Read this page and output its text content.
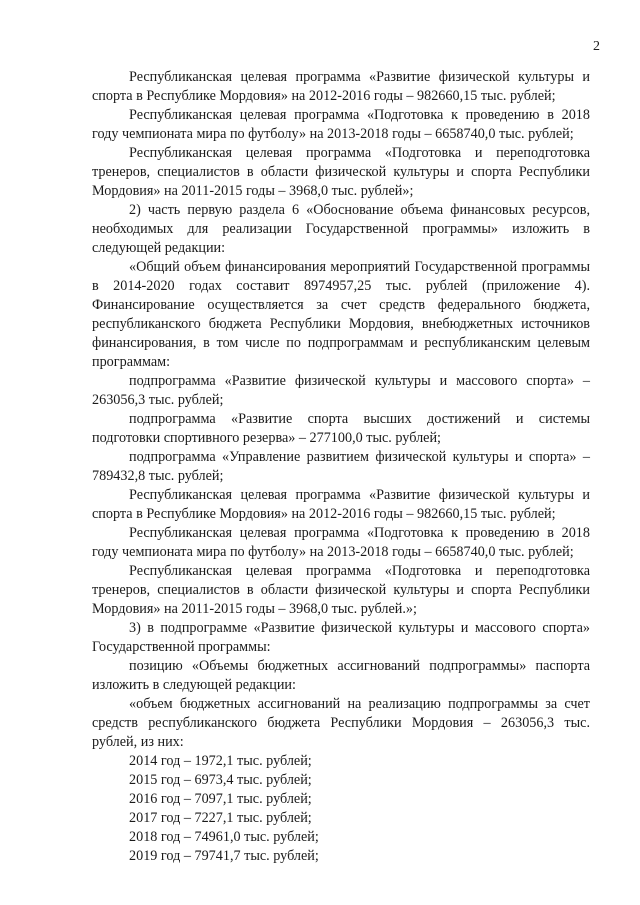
2

Республиканская целевая программа «Развитие физической культуры и спорта в Республике Мордовия» на 2012-2016 годы – 982660,15 тыс. рублей;

Республиканская целевая программа «Подготовка к проведению в 2018 году чемпионата мира по футболу» на 2013-2018 годы – 6658740,0 тыс. рублей;

Республиканская целевая программа «Подготовка и переподготовка тренеров, специалистов в области физической культуры и спорта Республики Мордовия» на 2011-2015 годы – 3968,0 тыс. рублей»;

2) часть первую раздела 6 «Обоснование объема финансовых ресурсов, необходимых для реализации Государственной программы» изложить в следующей редакции:

«Общий объем финансирования мероприятий Государственной программы в 2014-2020 годах составит 8974957,25 тыс. рублей (приложение 4). Финансирование осуществляется за счет средств федерального бюджета, республиканского бюджета Республики Мордовия, внебюджетных источников финансирования, в том числе по подпрограммам и республиканским целевым программам:

подпрограмма «Развитие физической культуры и массового спорта» – 263056,3 тыс. рублей;

подпрограмма «Развитие спорта высших достижений и системы подготовки спортивного резерва» – 277100,0 тыс. рублей;

подпрограмма «Управление развитием физической культуры и спорта» – 789432,8 тыс. рублей;

Республиканская целевая программа «Развитие физической культуры и спорта в Республике Мордовия» на 2012-2016 годы – 982660,15 тыс. рублей;

Республиканская целевая программа «Подготовка к проведению в 2018 году чемпионата мира по футболу» на 2013-2018 годы – 6658740,0 тыс. рублей;

Республиканская целевая программа «Подготовка и переподготовка тренеров, специалистов в области физической культуры и спорта Республики Мордовия» на 2011-2015 годы – 3968,0 тыс. рублей.»;

3) в подпрограмме «Развитие физической культуры и массового спорта» Государственной программы:

позицию «Объемы бюджетных ассигнований подпрограммы» паспорта изложить в следующей редакции:

«объем бюджетных ассигнований на реализацию подпрограммы за счет средств республиканского бюджета Республики Мордовия – 263056,3 тыс. рублей, из них:

2014 год – 1972,1 тыс. рублей;

2015 год – 6973,4 тыс. рублей;

2016 год – 7097,1 тыс. рублей;

2017 год – 7227,1 тыс. рублей;

2018 год – 74961,0 тыс. рублей;

2019 год – 79741,7 тыс. рублей;
